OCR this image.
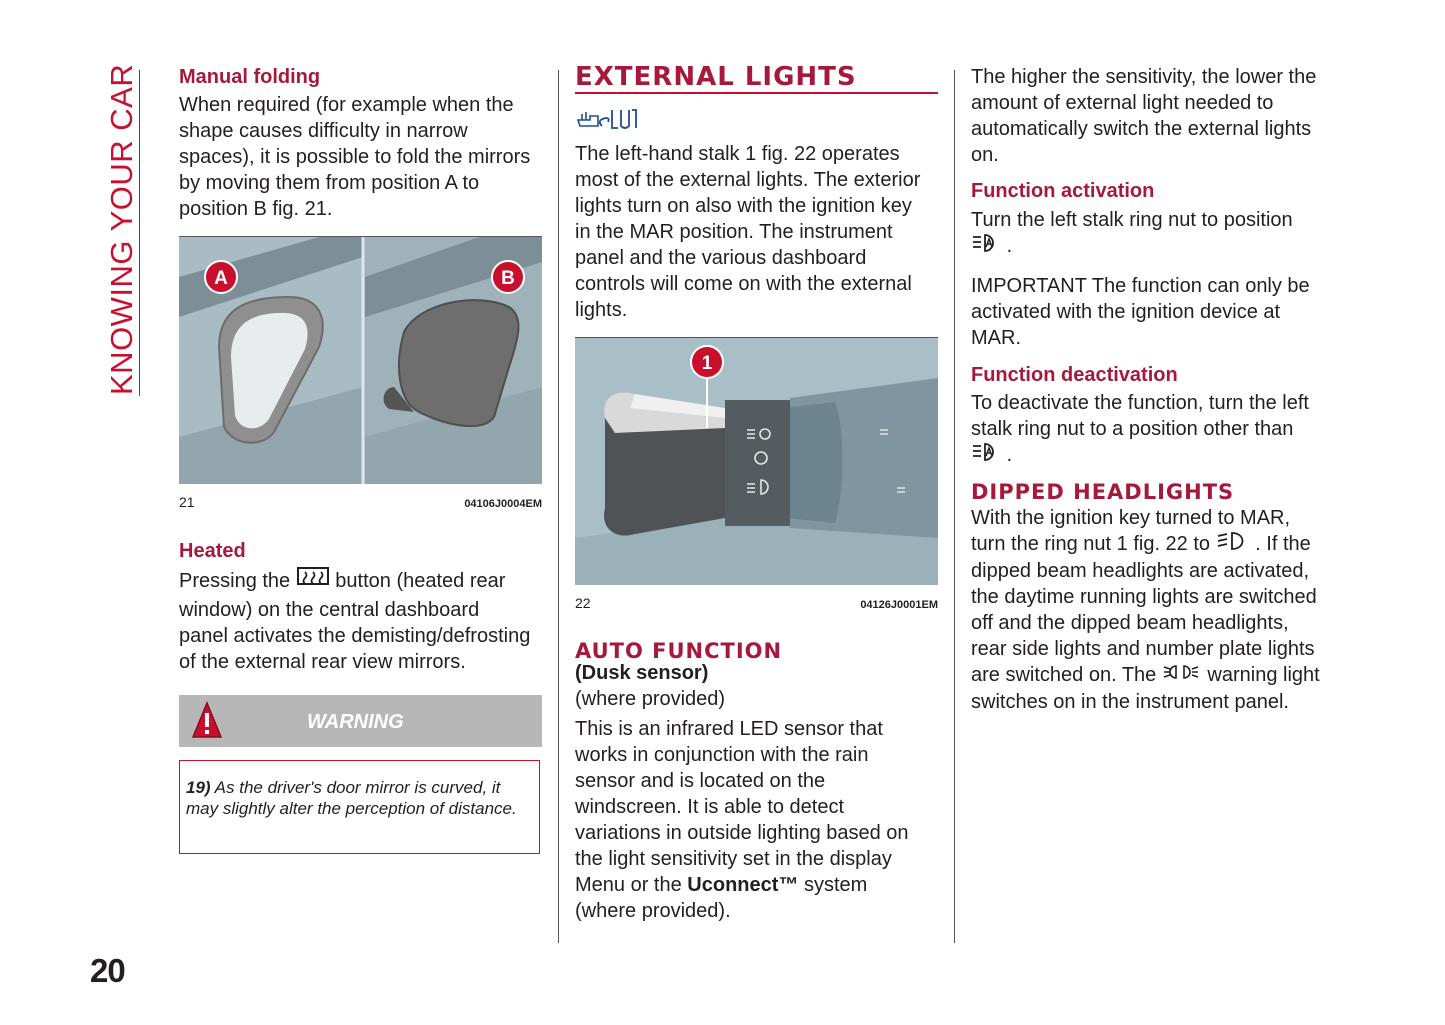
KNOWING YOUR CAR
20
Manual folding
When required (for example when the
shape causes difficulty in narrow
spaces), it is possible to fold the mirrors
by moving them from position A to
position B fig. 21.
A	B
21	04106J0004EM
Heated
Pressing the button (heated rear
window) on the central dashboard
panel activates the demisting/defrosting
of the external rear view mirrors.
WARNING
19) As the driver's door mirror is curved, it may slightly alter the perception of distance.
EXTERNAL LIGHTS
The left-hand stalk 1 fig. 22 operates
most of the external lights. The exterior
lights turn on also with the ignition key
in the MAR position. The instrument
panel and the various dashboard
controls will come on with the external
lights.
1
22	04126J0001EM
AUTO FUNCTION
(Dusk sensor)
(where provided)
This is an infrared LED sensor that
works in conjunction with the rain
sensor and is located on the
windscreen. It is able to detect
variations in outside lighting based on
the light sensitivity set in the display
Menu or the Uconnect™ system
(where provided).
The higher the sensitivity, the lower the
amount of external light needed to
automatically switch the external lights
on.
Function activation
Turn the left stalk ring nut to position
.
IMPORTANT The function can only be
activated with the ignition device at
MAR.
Function deactivation
To deactivate the function, turn the left
stalk ring nut to a position other than
.
DIPPED HEADLIGHTS
With the ignition key turned to MAR,
turn the ring nut 1 fig. 22 to . If the
dipped beam headlights are activated,
the daytime running lights are switched
off and the dipped beam headlights,
rear side lights and number plate lights
are switched on. The	warning light
switches on in the instrument panel.
